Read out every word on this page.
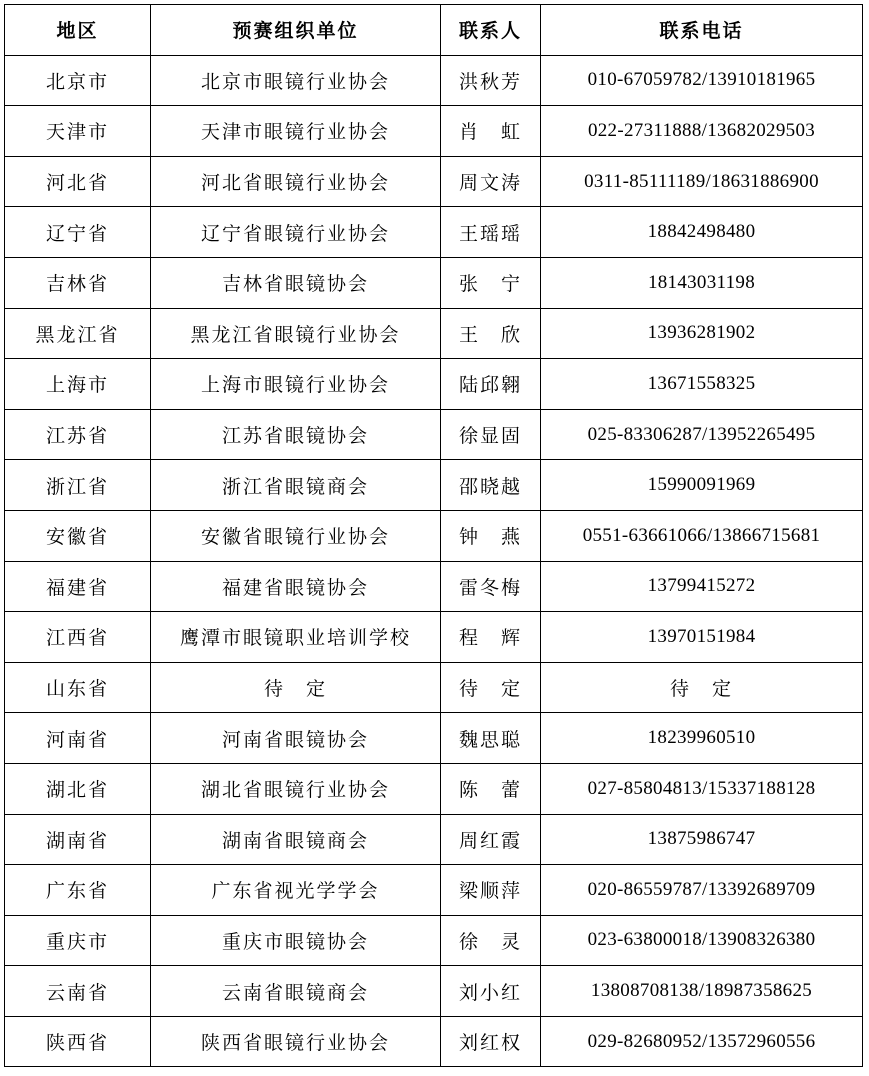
地区	预赛组织单位	联系人	联系电话
北京市	北京市眼镜行业协会	洪秋芳	010-67059782/13910181965
天津市	天津市眼镜行业协会	肖　虹	022-27311888/13682029503
河北省	河北省眼镜行业协会	周文涛	0311-85111189/18631886900
辽宁省	辽宁省眼镜行业协会	王瑶瑶	18842498480
吉林省	吉林省眼镜协会	张　宁	18143031198
黑龙江省	黑龙江省眼镜行业协会	王　欣	13936281902
上海市	上海市眼镜行业协会	陆邱翱	13671558325
江苏省	江苏省眼镜协会	徐显固	025-83306287/13952265495
浙江省	浙江省眼镜商会	邵晓越	15990091969
安徽省	安徽省眼镜行业协会	钟　燕	0551-63661066/13866715681
福建省	福建省眼镜协会	雷冬梅	13799415272
江西省	鹰潭市眼镜职业培训学校	程　辉	13970151984
山东省	待　定	待　定	待　定
河南省	河南省眼镜协会	魏思聪	18239960510
湖北省	湖北省眼镜行业协会	陈　蕾	027-85804813/15337188128
湖南省	湖南省眼镜商会	周红霞	13875986747
广东省	广东省视光学学会	梁顺萍	020-86559787/13392689709
重庆市	重庆市眼镜协会	徐　灵	023-63800018/13908326380
云南省	云南省眼镜商会	刘小红	13808708138/18987358625
陕西省	陕西省眼镜行业协会	刘红权	029-82680952/13572960556
